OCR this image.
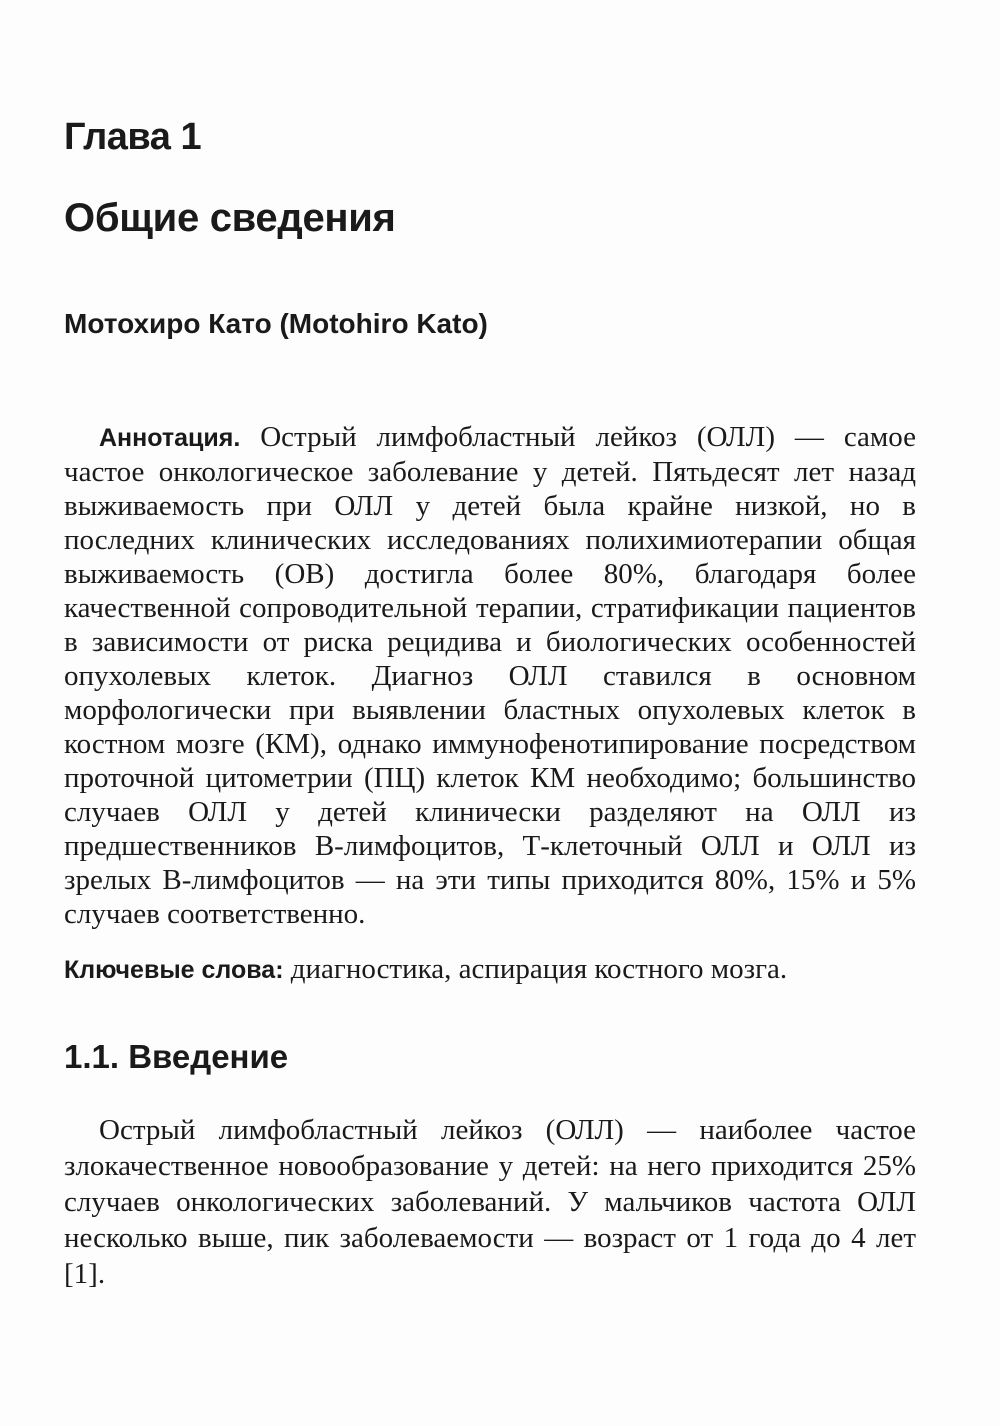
Глава 1
Общие сведения

Мотохиро Като (Motohiro Kato)

Аннотация. Острый лимфобластный лейкоз (ОЛЛ) — самое частое онкологическое заболевание у детей. Пятьдесят лет назад выживаемость при ОЛЛ у детей была крайне низкой, но в последних клинических исследованиях полихимиотерапии общая выживаемость (ОВ) достигла более 80%, благодаря более качественной сопроводительной терапии, стратификации пациентов в зависимости от риска рецидива и биологических особенностей опухолевых клеток. Диагноз ОЛЛ ставился в основном морфологически при выявлении бластных опухолевых клеток в костном мозге (КМ), однако иммунофенотипирование посредством проточной цитометрии (ПЦ) клеток КМ необходимо; большинство случаев ОЛЛ у детей клинически разделяют на ОЛЛ из предшественников В-лимфоцитов, Т-клеточный ОЛЛ и ОЛЛ из зрелых В-лимфоцитов — на эти типы приходится 80%, 15% и 5% случаев соответственно.

Ключевые слова: диагностика, аспирация костного мозга.

1.1. Введение

Острый лимфобластный лейкоз (ОЛЛ) — наиболее частое злокачественное новообразование у детей: на него приходится 25% случаев онкологических заболеваний. У мальчиков частота ОЛЛ несколько выше, пик заболеваемости — возраст от 1 года до 4 лет [1].
